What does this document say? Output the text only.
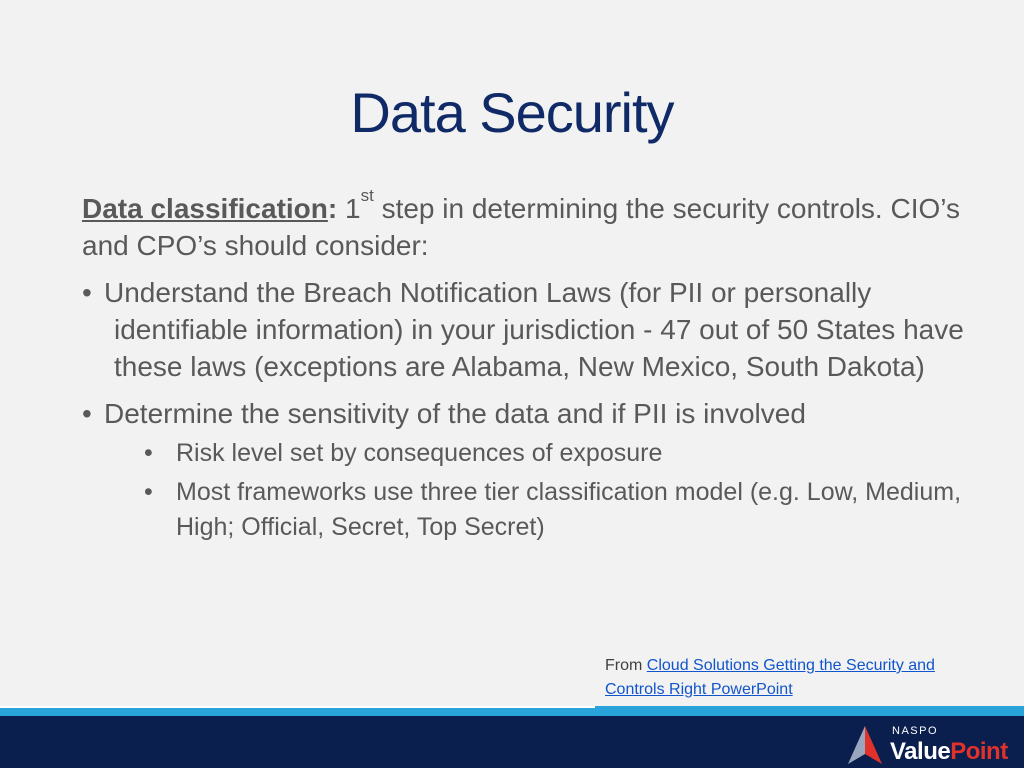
Data Security

Data classification: 1st step in determining the security controls. CIO’s and CPO’s should consider:

• Understand the Breach Notification Laws (for PII or personally identifiable information) in your jurisdiction - 47 out of 50 States have these laws (exceptions are Alabama, New Mexico, South Dakota)
• Determine the sensitivity of the data and if PII is involved
• Risk level set by consequences of exposure
• Most frameworks use three tier classification model (e.g. Low, Medium, High; Official, Secret, Top Secret)
From Cloud Solutions Getting the Security and Controls Right PowerPoint
NASPO
ValuePoint
